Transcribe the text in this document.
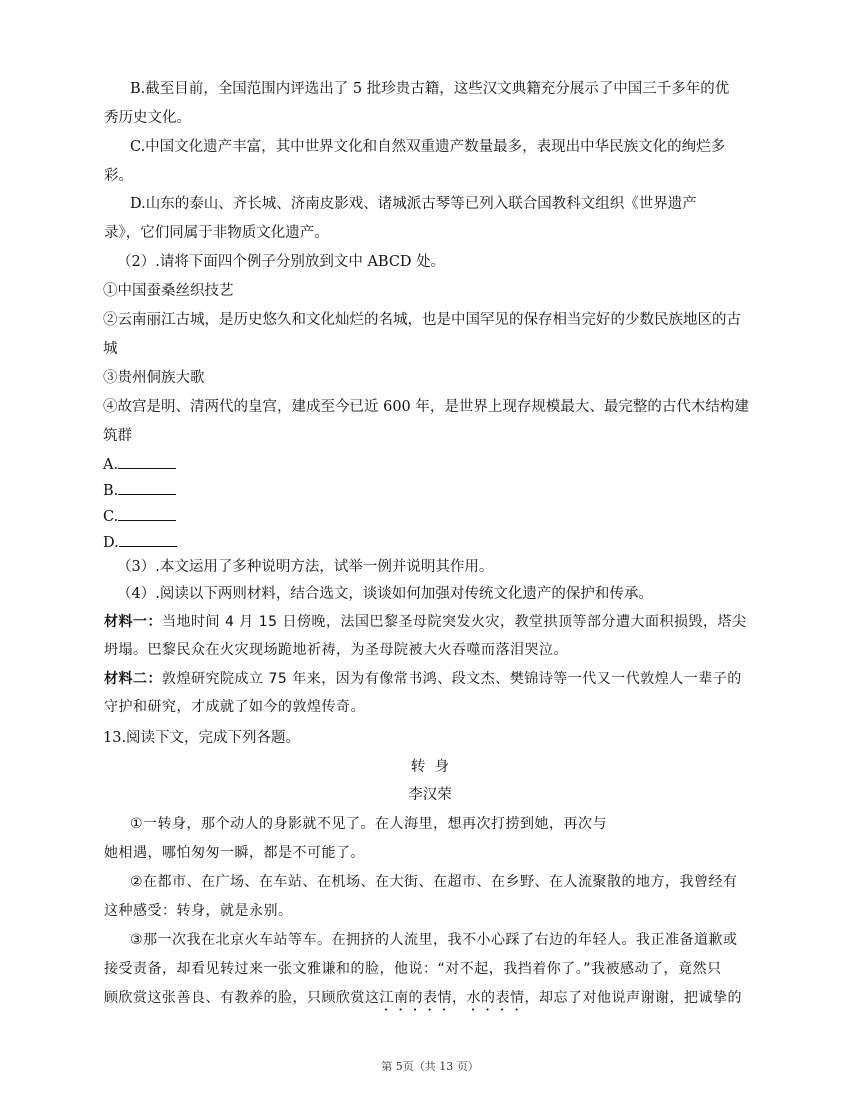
B.截至目前，全国范围内评选出了 5 批珍贵古籍，这些汉文典籍充分展示了中国三千多年的优
秀历史文化。
C.中国文化遗产丰富，其中世界文化和自然双重遗产数量最多，表现出中华民族文化的绚烂多
彩。
D.山东的泰山、齐长城、济南皮影戏、诸城派古琴等已列入联合国教科文组织《世界遗产
录》，它们同属于非物质文化遗产。
（2）.请将下面四个例子分别放到文中 ABCD 处。
①中国蚕桑丝织技艺
②云南丽江古城，是历史悠久和文化灿烂的名城，也是中国罕见的保存相当完好的少数民族地区的古
城
③贵州侗族大歌
④故宫是明、清两代的皇宫，建成至今已近 600 年，是世界上现存规模最大、最完整的古代木结构建
筑群
A.
B.
C.
D.
（3）.本文运用了多种说明方法，试举一例并说明其作用。
（4）.阅读以下两则材料，结合选文，谈谈如何加强对传统文化遗产的保护和传承。
材料一：当地时间 4 月 15 日傍晚，法国巴黎圣母院突发火灾，教堂拱顶等部分遭大面积损毁，塔尖
坍塌。巴黎民众在火灾现场跪地祈祷，为圣母院被大火吞噬而落泪哭泣。
材料二：敦煌研究院成立 75 年来，因为有像常书鸿、段文杰、樊锦诗等一代又一代敦煌人一辈子的
守护和研究，才成就了如今的敦煌传奇。
13.阅读下文，完成下列各题。
转  身
李汉荣
①一转身，那个动人的身影就不见了。在人海里，想再次打捞到她，再次与
她相遇，哪怕匆匆一瞬，都是不可能了。
②在都市、在广场、在车站、在机场、在大街、在超市、在乡野、在人流聚散的地方，我曾经有
这种感受：转身，就是永别。
③那一次我在北京火车站等车。在拥挤的人流里，我不小心踩了右边的年轻人。我正准备道歉或
接受责备，却看见转过来一张文雅谦和的脸，他说：“对不起，我挡着你了。”我被感动了，竟然只
顾欣赏这张善良、有教养的脸，只顾欣赏这江南的表情，水的表情，却忘了对他说声谢谢，把诚挚的
第 5页（共 13 页）
